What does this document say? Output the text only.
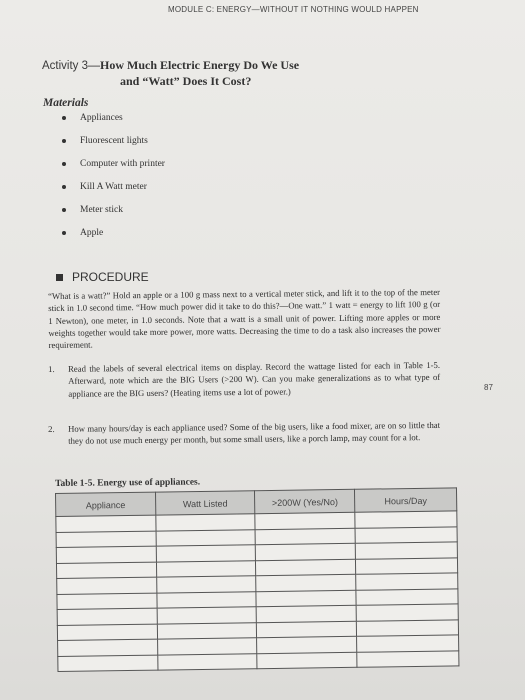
MODULE C: ENERGY—WITHOUT IT NOTHING WOULD HAPPEN
Activity 3—How Much Electric Energy Do We Use
and “Watt” Does It Cost?
Materials
Appliances
Fluorescent lights
Computer with printer
Kill A Watt meter
Meter stick
Apple
PROCEDURE

“What is a watt?” Hold an apple or a 100 g mass next to a vertical meter stick, and lift it to the top of the meter stick in 1.0 second time. “How much power did it take to do this?—One watt.” 1 watt = energy to lift 100 g (or 1 Newton), one meter, in 1.0 seconds. Note that a watt is a small unit of power. Lifting more apples or more weights together would take more power, more watts. Decreasing the time to do a task also increases the power requirement.

1. Read the labels of several electrical items on display. Record the wattage listed for each in Table 1-5. Afterward, note which are the BIG Users (>200 W). Can you make generalizations as to what type of appliance are the BIG users? (Heating items use a lot of power.)
2. How many hours/day is each appliance used? Some of the big users, like a food mixer, are on so little that they do not use much energy per month, but some small users, like a porch lamp, may count for a lot.
87
Table 1-5. Energy use of appliances.
Appliance	Watt Listed	>200W (Yes/No)	Hours/Day
